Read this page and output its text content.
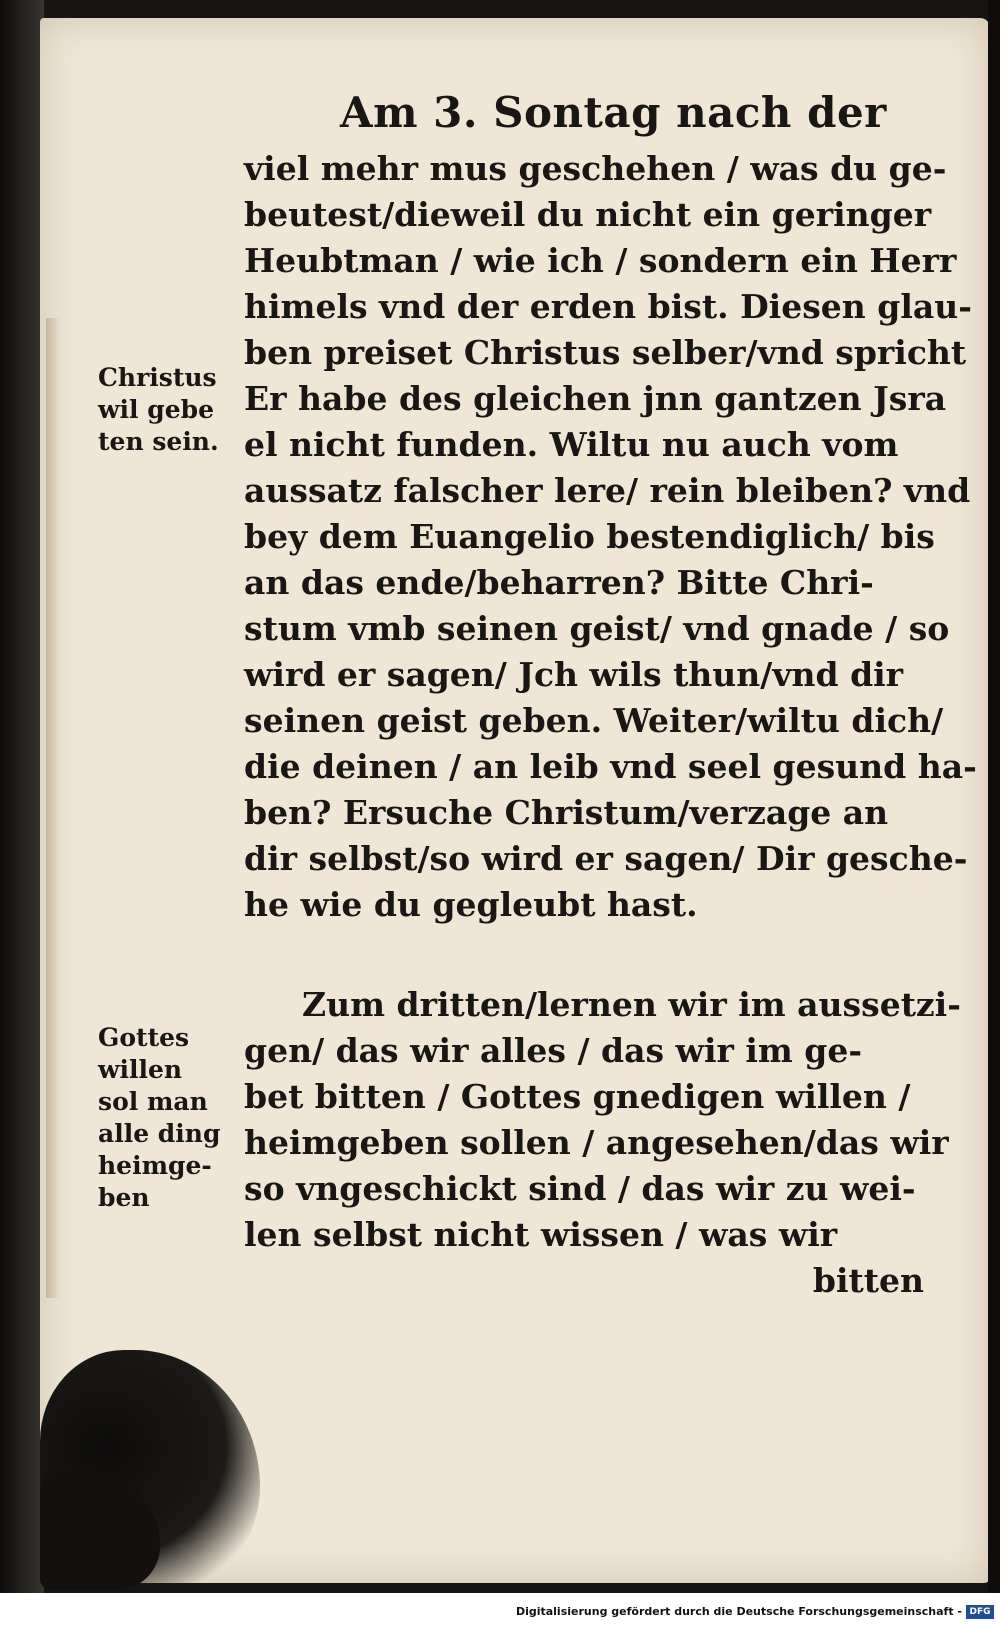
Am 3. Sontag nach der
viel mehr mus geschehen / was du ge-
beutest/dieweil du nicht ein geringer
Heubtman / wie ich / sondern ein Herr
himels vnd der erden bist. Diesen glau-
ben preiset Christus selber/vnd spricht
Er habe des gleichen jnn gantzen Jsra
el nicht funden. Wiltu nu auch vom
aussatz falscher lere/ rein bleiben? vnd
bey dem Euangelio bestendiglich/ bis
an das ende/beharren? Bitte Chri-
stum vmb seinen geist/ vnd gnade / so
wird er sagen/ Jch wils thun/vnd dir
seinen geist geben. Weiter/wiltu dich/
die deinen / an leib vnd seel gesund ha-
ben? Ersuche Christum/verzage an
dir selbst/so wird er sagen/ Dir gesche-
he wie du gegleubt hast.
Zum dritten/lernen wir im aussetzi-
gen/ das wir alles / das wir im ge-
bet bitten / Gottes gnedigen willen /
heimgeben sollen / angesehen/das wir
so vngeschickt sind / das wir zu wei-
len selbst nicht wissen / was wir
bitten
Christus
wil gebe
ten sein.
Gottes
willen
sol man
alle ding
heimge-
ben
Digitalisierung gefördert durch die Deutsche Forschungsgemeinschaft - DFG
